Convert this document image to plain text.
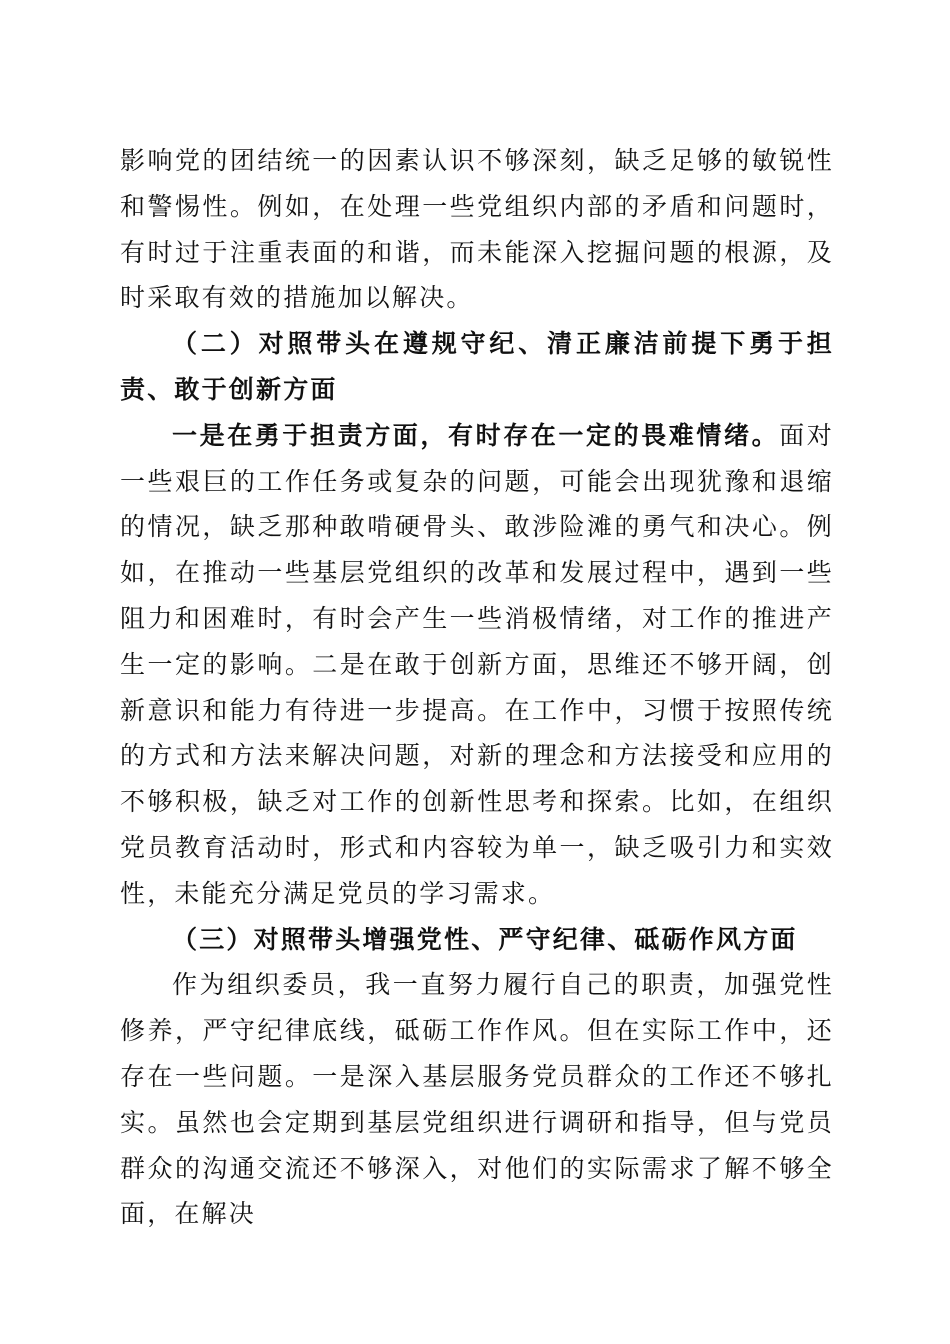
影响党的团结统一的因素认识不够深刻，缺乏足够的敏锐性和警惕性。例如，在处理一些党组织内部的矛盾和问题时，有时过于注重表面的和谐，而未能深入挖掘问题的根源，及时采取有效的措施加以解决。

（二）对照带头在遵规守纪、清正廉洁前提下勇于担责、敢于创新方面

一是在勇于担责方面，有时存在一定的畏难情绪。面对一些艰巨的工作任务或复杂的问题，可能会出现犹豫和退缩的情况，缺乏那种敢啃硬骨头、敢涉险滩的勇气和决心。例如，在推动一些基层党组织的改革和发展过程中，遇到一些阻力和困难时，有时会产生一些消极情绪，对工作的推进产生一定的影响。二是在敢于创新方面，思维还不够开阔，创新意识和能力有待进一步提高。在工作中，习惯于按照传统的方式和方法来解决问题，对新的理念和方法接受和应用的不够积极，缺乏对工作的创新性思考和探索。比如，在组织党员教育活动时，形式和内容较为单一，缺乏吸引力和实效性，未能充分满足党员的学习需求。

（三）对照带头增强党性、严守纪律、砥砺作风方面

作为组织委员，我一直努力履行自己的职责，加强党性修养，严守纪律底线，砥砺工作作风。但在实际工作中，还存在一些问题。一是深入基层服务党员群众的工作还不够扎实。虽然也会定期到基层党组织进行调研和指导，但与党员群众的沟通交流还不够深入，对他们的实际需求了解不够全面，在解决
